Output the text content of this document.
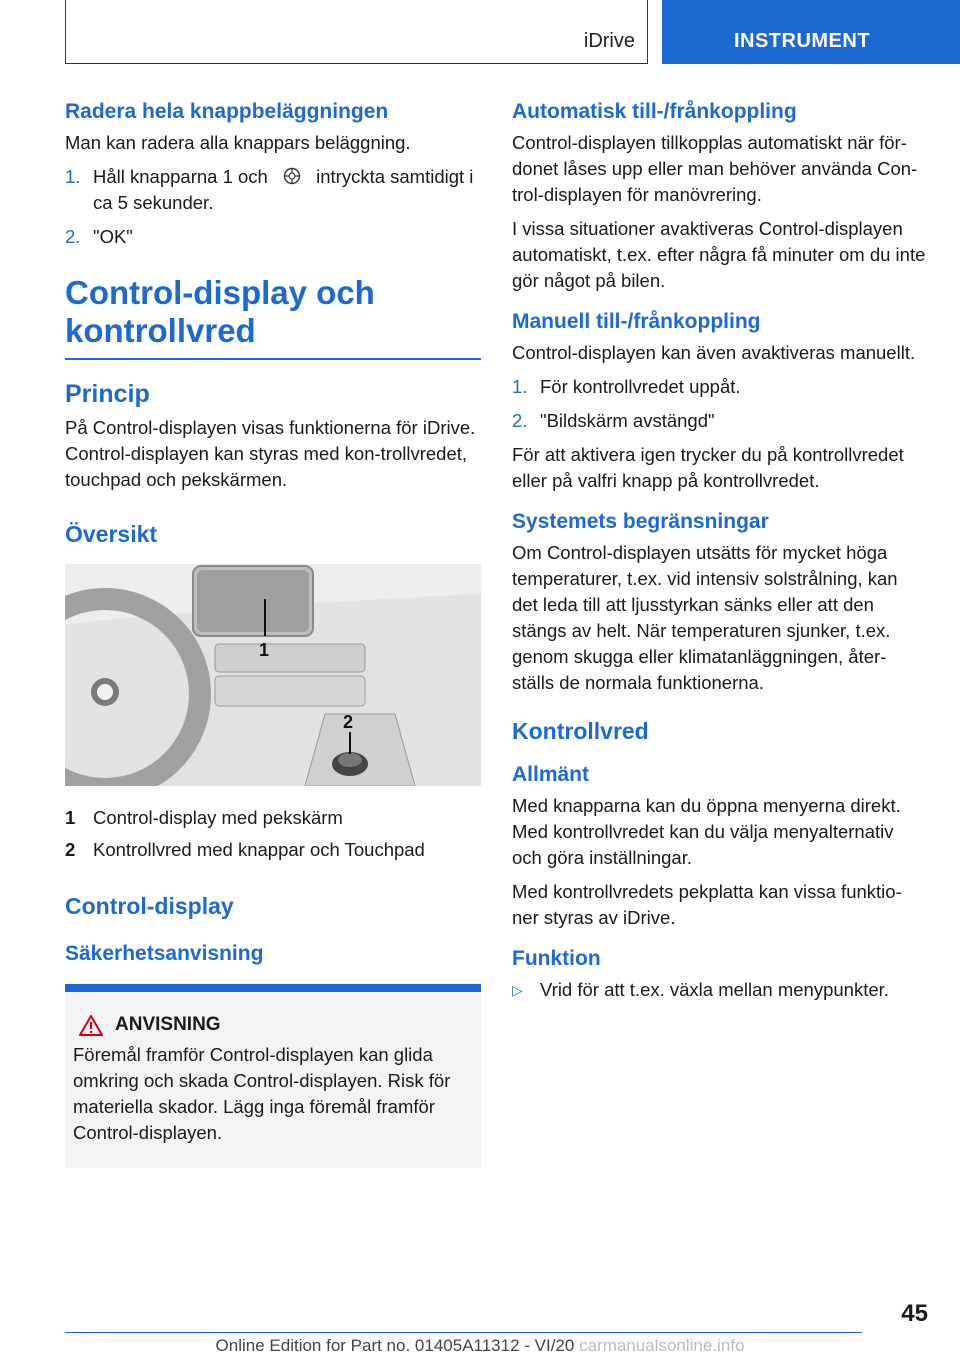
iDrive	INSTRUMENT
Radera hela knappbeläggningen

Man kan radera alla knappars beläggning.

1. Håll knapparna 1 och	intryckta samtidigt i ca 5 sekunder.
2. "OK"
Control-display och kontrollvred
Princip

På Control-displayen visas funktionerna för iDrive. Control-displayen kan styras med kon-trollvredet, touchpad och pekskärmen.

Översikt
1
2
1 Control-display med pekskärm
2 Kontrollvred med knappar och Touchpad
Control-display
Säkerhetsanvisning
ANVISNING

Föremål framför Control-displayen kan glida omkring och skada Control-displayen. Risk för materiella skador. Lägg inga föremål framför Control-displayen.

Automatisk till-/frånkoppling

Control-displayen tillkopplas automatiskt när för-donet låses upp eller man behöver använda Con-trol-displayen för manövrering.

I vissa situationer avaktiveras Control-displayen automatiskt, t.ex. efter några få minuter om du inte gör något på bilen.

Manuell till-/frånkoppling

Control-displayen kan även avaktiveras manuellt.

1. För kontrollvredet uppåt.
2. "Bildskärm avstängd"

För att aktivera igen trycker du på kontrollvredet eller på valfri knapp på kontrollvredet.

Systemets begränsningar

Om Control-displayen utsätts för mycket höga temperaturer, t.ex. vid intensiv solstrålning, kan det leda till att ljusstyrkan sänks eller att den stängs av helt. När temperaturen sjunker, t.ex. genom skugga eller klimatanläggningen, åter-ställs de normala funktionerna.

Kontrollvred
Allmänt

Med knapparna kan du öppna menyerna direkt. Med kontrollvredet kan du välja menyalternativ och göra inställningar.

Med kontrollvredets pekplatta kan vissa funktio-ner styras av iDrive.

Funktion
▷ Vrid för att t.ex. växla mellan menypunkter.
45
Online Edition for Part no. 01405A11312 - VI/20 carmanualsonline.info
